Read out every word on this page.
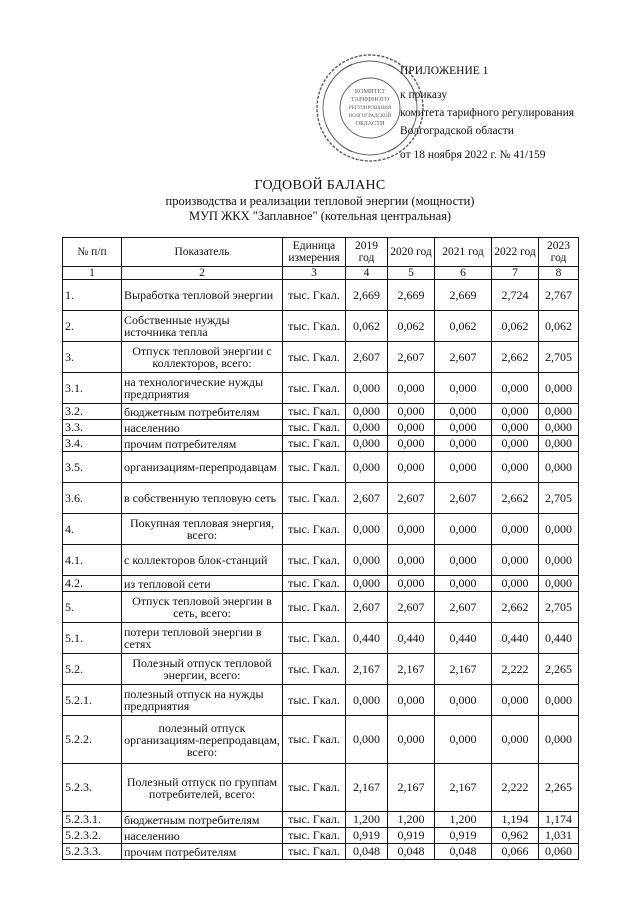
КОМИТЕТ
ТАРИФНОГО
РЕГУЛИРОВАНИЯ
ВОЛГОГРАДСКОЙ
ОБЛАСТИ
ПРИЛОЖЕНИЕ 1
к приказу
комитета тарифного регулирования
Волгоградской области
от 18 ноября 2022 г. № 41/159
ГОДОВОЙ БАЛАНС
производства и реализации тепловой энергии (мощности)
МУП ЖКХ "Заплавное" (котельная центральная)
№ п/п	Показатель	Единица измерения	2019 год	2020 год	2021 год	2022 год	2023 год
1	2	3	4	5	6	7	8
1.	Выработка тепловой энергии	тыс. Гкал.	2,669	2,669	2,669	2,724	2,767
2.	Собственные нужды источника тепла	тыс. Гкал.	0,062	0,062	0,062	0,062	0,062
3.	Отпуск тепловой энергии с коллекторов, всего:	тыс. Гкал.	2,607	2,607	2,607	2,662	2,705
3.1.	на технологические нужды предприятия	тыс. Гкал.	0,000	0,000	0,000	0,000	0,000
3.2.	бюджетным потребителям	тыс. Гкал.	0,000	0,000	0,000	0,000	0,000
3.3.	населению	тыс. Гкал.	0,000	0,000	0,000	0,000	0,000
3.4.	прочим потребителям	тыс. Гкал.	0,000	0,000	0,000	0,000	0,000
3.5.	организациям-перепродавцам	тыс. Гкал.	0,000	0,000	0,000	0,000	0,000
3.6.	в собственную тепловую сеть	тыс. Гкал.	2,607	2,607	2,607	2,662	2,705
4.	Покупная тепловая энергия, всего:	тыс. Гкал.	0,000	0,000	0,000	0,000	0,000
4.1.	с коллекторов блок-станций	тыс. Гкал.	0,000	0,000	0,000	0,000	0,000
4.2.	из тепловой сети	тыс. Гкал.	0,000	0,000	0,000	0,000	0,000
5.	Отпуск тепловой энергии в сеть, всего:	тыс. Гкал.	2,607	2,607	2,607	2,662	2,705
5.1.	потери тепловой энергии в сетях	тыс. Гкал.	0,440	0,440	0,440	0,440	0,440
5.2.	Полезный отпуск тепловой энергии, всего:	тыс. Гкал.	2,167	2,167	2,167	2,222	2,265
5.2.1.	полезный отпуск на нужды предприятия	тыс. Гкал.	0,000	0,000	0,000	0,000	0,000
5.2.2.	полезный отпуск организациям-перепродавцам, всего:	тыс. Гкал.	0,000	0,000	0,000	0,000	0,000
5.2.3.	Полезный отпуск по группам потребителей, всего:	тыс. Гкал.	2,167	2,167	2,167	2,222	2,265
5.2.3.1.	бюджетным потребителям	тыс. Гкал.	1,200	1,200	1,200	1,194	1,174
5.2.3.2.	населению	тыс. Гкал.	0,919	0,919	0,919	0,962	1,031
5.2.3.3.	прочим потребителям	тыс. Гкал.	0,048	0,048	0,048	0,066	0,060
